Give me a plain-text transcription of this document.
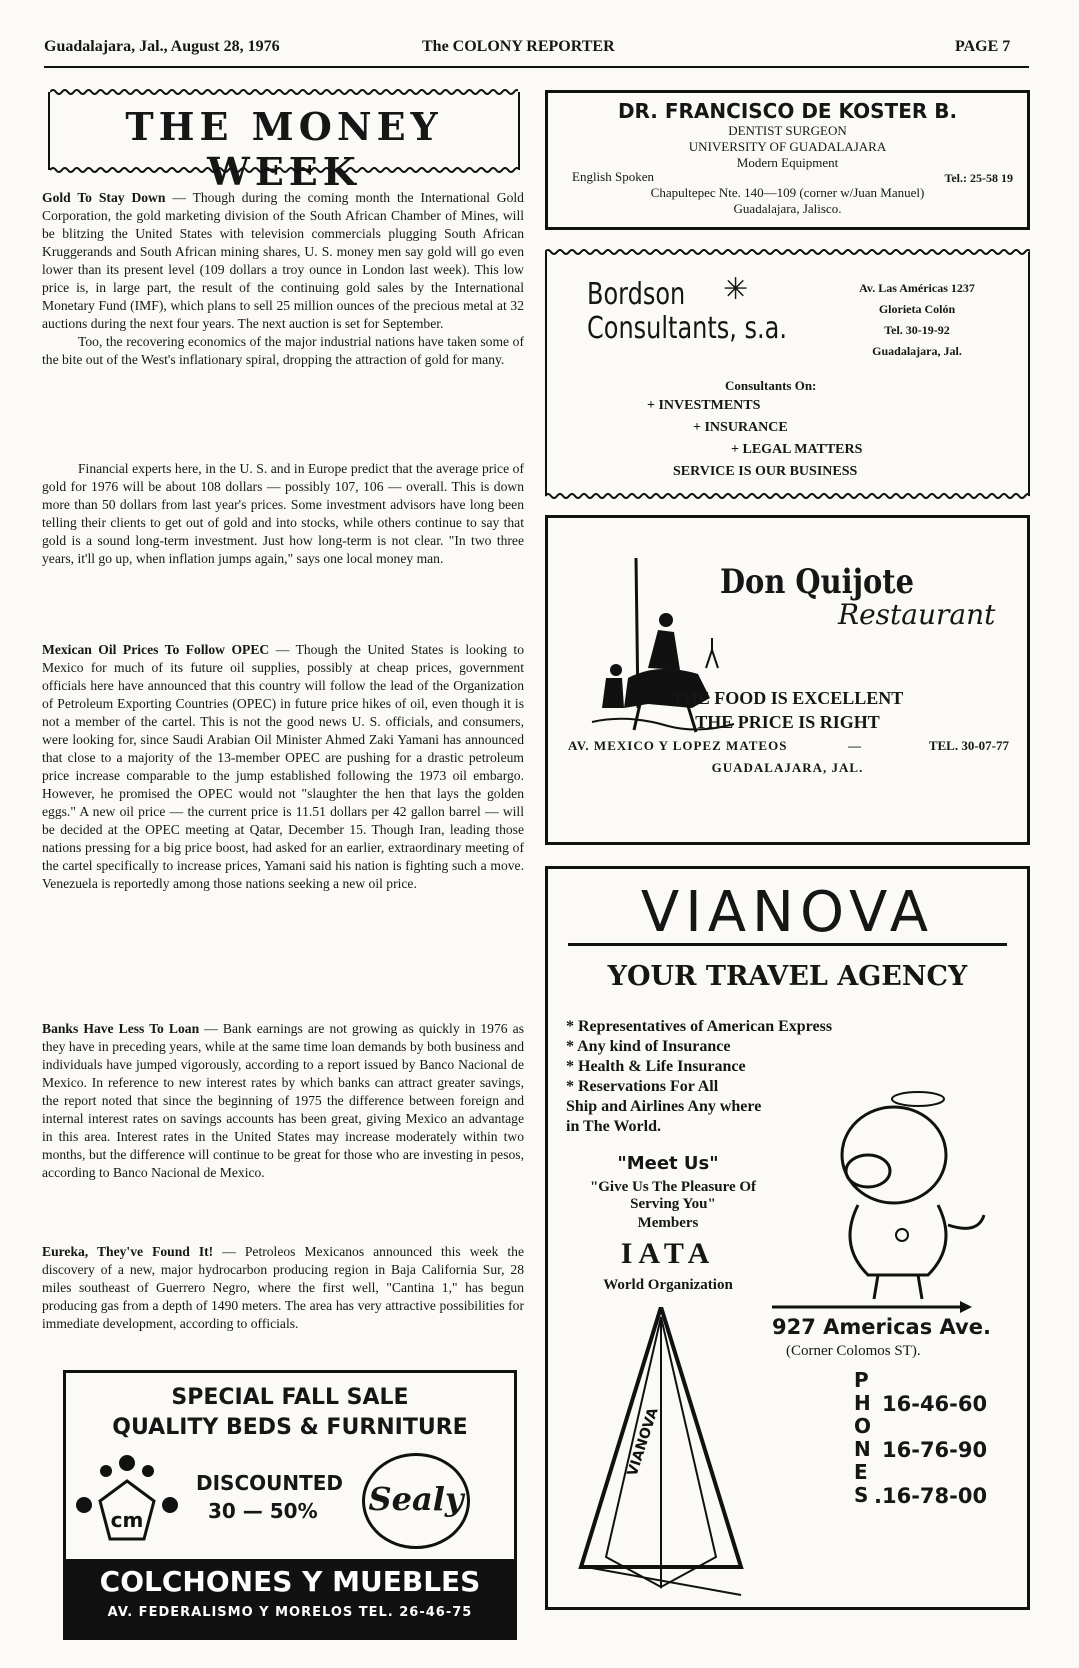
Guadalajara, Jal., August 28, 1976	The COLONY REPORTER	PAGE 7
THE MONEY WEEK

Gold To Stay Down — Though during the coming month the International Gold Corporation, the gold marketing division of the South African Chamber of Mines, will be blitzing the United States with television commercials plugging South African Kruggerands and South African mining shares, U. S. money men say gold will go even lower than its present level (109 dollars a troy ounce in London last week). This low price is, in large part, the result of the continuing gold sales by the International Monetary Fund (IMF), which plans to sell 25 million ounces of the precious metal at 32 auctions during the next four years. The next auction is set for September.

Too, the recovering economics of the major industrial nations have taken some of the bite out of the West's inflationary spiral, dropping the attraction of gold for many.

Financial experts here, in the U. S. and in Europe predict that the average price of gold for 1976 will be about 108 dollars — possibly 107, 106 — overall. This is down more than 50 dollars from last year's prices. Some investment advisors have long been telling their clients to get out of gold and into stocks, while others continue to say that gold is a sound long-term investment. Just how long-term is not clear. "In two three years, it'll go up, when inflation jumps again," says one local money man.

Mexican Oil Prices To Follow OPEC — Though the United States is looking to Mexico for much of its future oil supplies, possibly at cheap prices, government officials here have announced that this country will follow the lead of the Organization of Petroleum Exporting Countries (OPEC) in future price hikes of oil, even though it is not a member of the cartel. This is not the good news U. S. officials, and consumers, were looking for, since Saudi Arabian Oil Minister Ahmed Zaki Yamani has announced that close to a majority of the 13-member OPEC are pushing for a drastic petroleum price increase comparable to the jump established following the 1973 oil embargo. However, he promised the OPEC would not "slaughter the hen that lays the golden eggs." A new oil price — the current price is 11.51 dollars per 42 gallon barrel — will be decided at the OPEC meeting at Qatar, December 15. Though Iran, leading those nations pressing for a big price boost, had asked for an earlier, extraordinary meeting of the cartel specifically to increase prices, Yamani said his nation is fighting such a move. Venezuela is reportedly among those nations seeking a new oil price.

Banks Have Less To Loan — Bank earnings are not growing as quickly in 1976 as they have in preceding years, while at the same time loan demands by both business and individuals have jumped vigorously, according to a report issued by Banco Nacional de Mexico. In reference to new interest rates by which banks can attract greater savings, the report noted that since the beginning of 1975 the difference between foreign and internal interest rates on savings accounts has been great, giving Mexico an advantage in this area. Interest rates in the United States may increase moderately within two months, but the difference will continue to be great for those who are investing in pesos, according to Banco Nacional de Mexico.

Eureka, They've Found It! — Petroleos Mexicanos announced this week the discovery of a new, major hydrocarbon producing region in Baja California Sur, 28 miles southeast of Guerrero Negro, where the first well, "Cantina 1," has begun producing gas from a depth of 1490 meters. The area has very attractive possibilities for immediate development, according to officials.

SPECIAL FALL SALE
QUALITY BEDS & FURNITURE
cm
DISCOUNTED
30 — 50% Sealy
COLCHONES Y MUEBLES
AV. FEDERALISMO Y MORELOS TEL. 26-46-75
DR. FRANCISCO DE KOSTER B.
DENTIST SURGEON
UNIVERSITY OF GUADALAJARA
Modern Equipment
English Spoken	Tel.: 25-58 19
Chapultepec Nte. 140—109 (corner w/Juan Manuel)
Guadalajara, Jalisco.
Bordson
Consultants, s.a.
✳	Av. Las Américas 1237
Glorieta Colón
Tel. 30-19-92
Guadalajara, Jal.
Consultants On:
+ INVESTMENTS
+ INSURANCE
+ LEGAL MATTERS
SERVICE IS OUR BUSINESS
Don Quijote
Restaurant
THE FOOD IS EXCELLENT
THE PRICE IS RIGHT
AV. MEXICO Y LOPEZ MATEOS	—	TEL. 30-07-77
GUADALAJARA, JAL.
VIANOVA
YOUR TRAVEL AGENCY
* Representatives of American Express
* Any kind of Insurance
* Health & Life Insurance
* Reservations For All
Ship and Airlines Any where in The World.
"Meet Us"
"Give Us The Pleasure Of Serving You"
Members
IATA
World Organization
VIANOVA
927 Americas Ave.
(Corner Colomos ST).
P
H
O
N
E
S
16-46-60
16-76-90
.16-78-00
